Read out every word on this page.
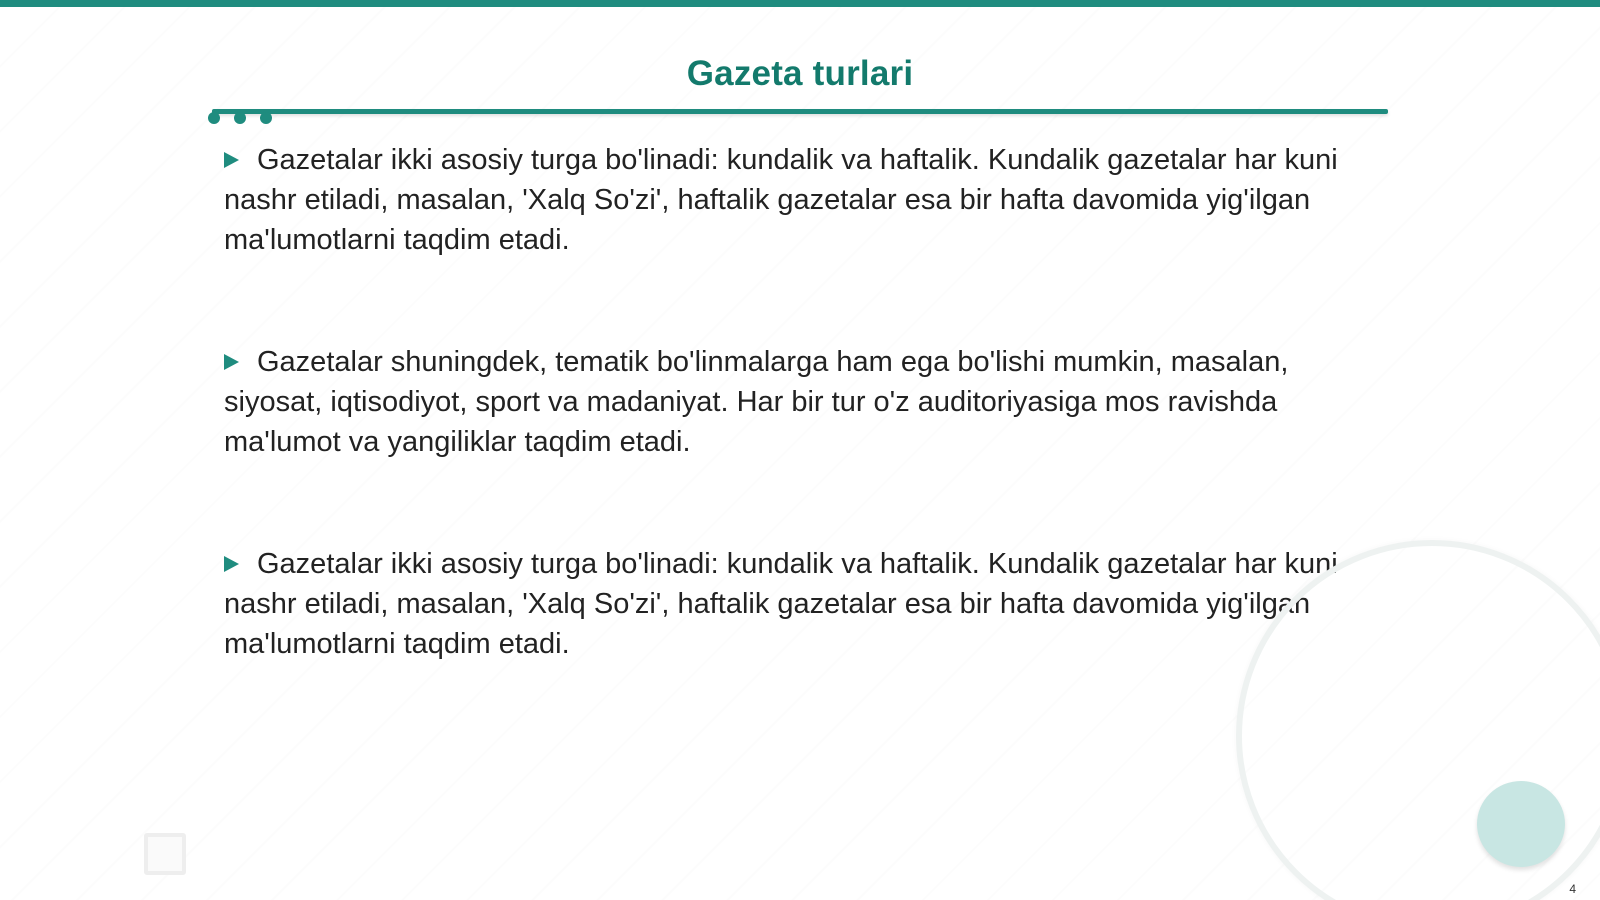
Gazeta turlari
Gazetalar ikki asosiy turga bo'linadi: kundalik va haftalik. Kundalik gazetalar har kuni nashr etiladi, masalan, 'Xalq So'zi', haftalik gazetalar esa bir hafta davomida yig'ilgan ma'lumotlarni taqdim etadi.
Gazetalar shuningdek, tematik bo'linmalarga ham ega bo'lishi mumkin, masalan, siyosat, iqtisodiyot, sport va madaniyat. Har bir tur o'z auditoriyasiga mos ravishda ma'lumot va yangiliklar taqdim etadi.
Gazetalar ikki asosiy turga bo'linadi: kundalik va haftalik. Kundalik gazetalar har kuni nashr etiladi, masalan, 'Xalq So'zi', haftalik gazetalar esa bir hafta davomida yig'ilgan ma'lumotlarni taqdim etadi.
4
